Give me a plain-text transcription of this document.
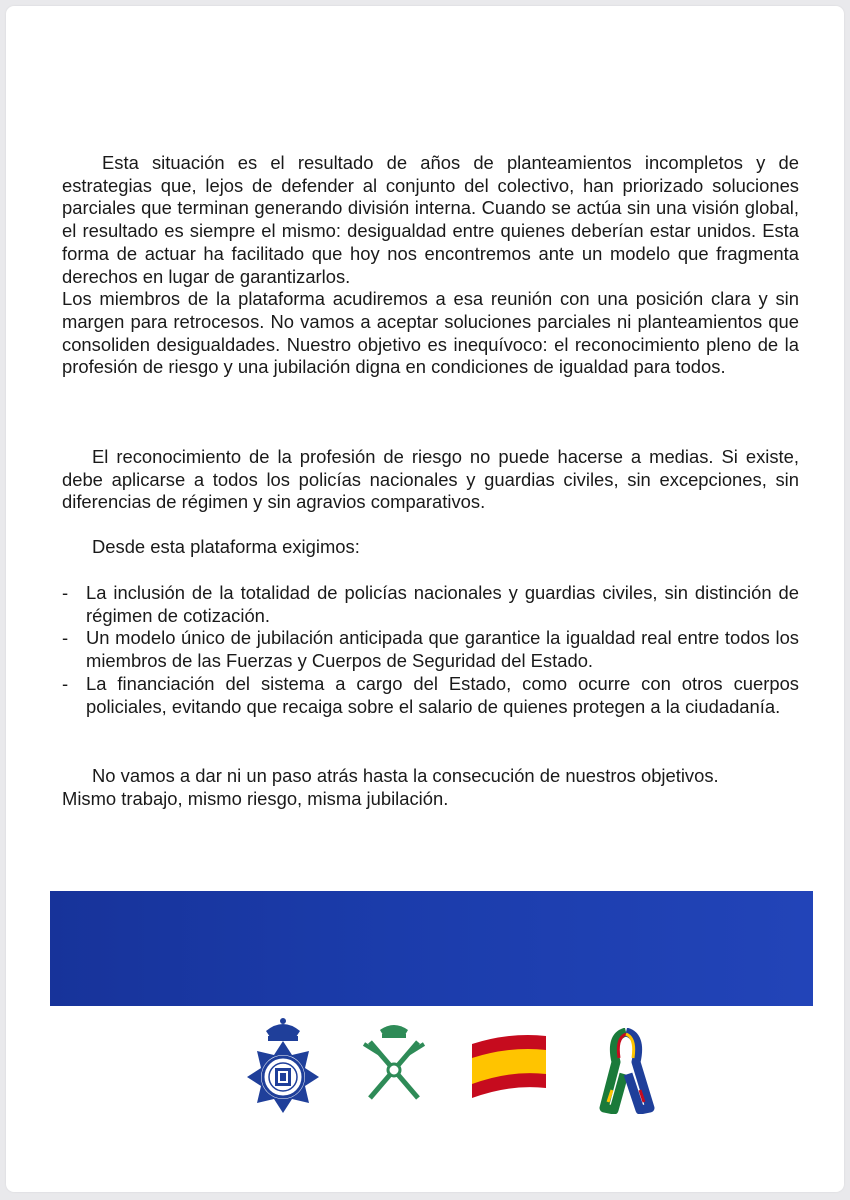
Esta situación es el resultado de años de planteamientos incompletos y de estrategias que, lejos de defender al conjunto del colectivo, han priorizado soluciones parciales que terminan generando división interna. Cuando se actúa sin una visión global, el resultado es siempre el mismo: desigualdad entre quienes deberían estar unidos. Esta forma de actuar ha facilitado que hoy nos encontremos ante un modelo que fragmenta derechos en lugar de garantizarlos.

Los miembros de la plataforma acudiremos a esa reunión con una posición clara y sin margen para retrocesos. No vamos a aceptar soluciones parciales ni planteamientos que consoliden desigualdades. Nuestro objetivo es inequívoco: el reconocimiento pleno de la profesión de riesgo y una jubilación digna en condiciones de igualdad para todos.

El reconocimiento de la profesión de riesgo no puede hacerse a medias. Si existe, debe aplicarse a todos los policías nacionales y guardias civiles, sin excepciones, sin diferencias de régimen y sin agravios comparativos.

Desde esta plataforma exigimos:

- La inclusión de la totalidad de policías nacionales y guardias civiles, sin distinción de régimen de cotización.

- Un modelo único de jubilación anticipada que garantice la igualdad real entre todos los miembros de las Fuerzas y Cuerpos de Seguridad del Estado.

- La financiación del sistema a cargo del Estado, como ocurre con otros cuerpos policiales, evitando que recaiga sobre el salario de quienes protegen a la ciudadanía.

No vamos a dar ni un paso atrás hasta la consecución de nuestros objetivos.

Mismo trabajo, mismo riesgo, misma jubilación.
